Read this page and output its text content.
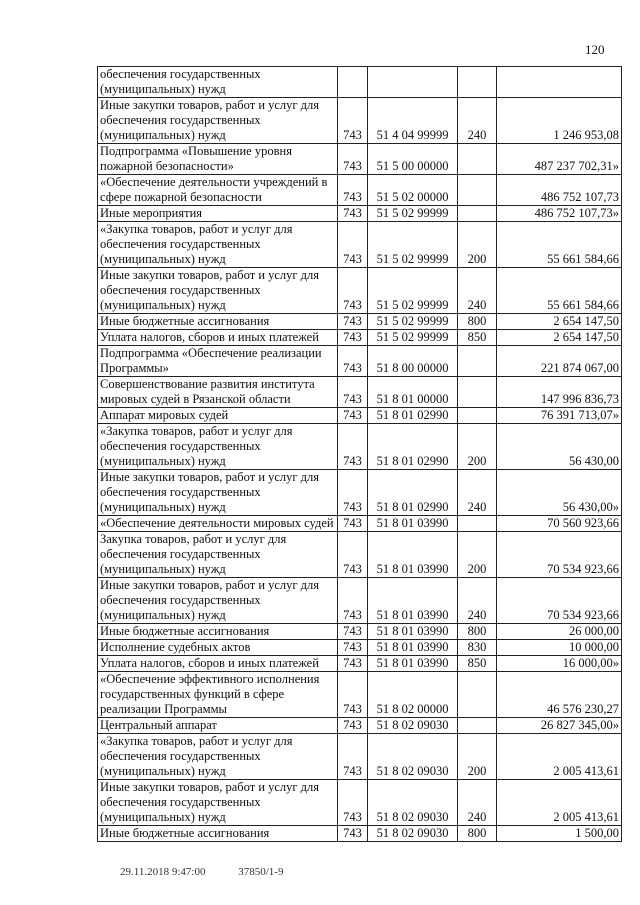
120
обеспечения государственных (муниципальных) нужд				
Иные закупки товаров, работ и услуг для обеспечения государственных (муниципальных) нужд	743	51 4 04 99999	240	1 246 953,08
Подпрограмма «Повышение уровня пожарной безопасности»	743	51 5 00 00000		487 237 702,31»
«Обеспечение деятельности учреждений в сфере пожарной безопасности	743	51 5 02 00000		486 752 107,73
Иные мероприятия	743	51 5 02 99999		486 752 107,73»
«Закупка товаров, работ и услуг для обеспечения государственных (муниципальных) нужд	743	51 5 02 99999	200	55 661 584,66
Иные закупки товаров, работ и услуг для обеспечения государственных (муниципальных) нужд	743	51 5 02 99999	240	55 661 584,66
Иные бюджетные ассигнования	743	51 5 02 99999	800	2 654 147,50
Уплата налогов, сборов и иных платежей	743	51 5 02 99999	850	2 654 147,50
Подпрограмма «Обеспечение реализации Программы»	743	51 8 00 00000		221 874 067,00
Совершенствование развития института мировых судей в Рязанской области	743	51 8 01 00000		147 996 836,73
Аппарат мировых судей	743	51 8 01 02990		76 391 713,07»
«Закупка товаров, работ и услуг для обеспечения государственных (муниципальных) нужд	743	51 8 01 02990	200	56 430,00
Иные закупки товаров, работ и услуг для обеспечения государственных (муниципальных) нужд	743	51 8 01 02990	240	56 430,00»
«Обеспечение деятельности мировых судей	743	51 8 01 03990		70 560 923,66
Закупка товаров, работ и услуг для обеспечения государственных (муниципальных) нужд	743	51 8 01 03990	200	70 534 923,66
Иные закупки товаров, работ и услуг для обеспечения государственных (муниципальных) нужд	743	51 8 01 03990	240	70 534 923,66
Иные бюджетные ассигнования	743	51 8 01 03990	800	26 000,00
Исполнение судебных актов	743	51 8 01 03990	830	10 000,00
Уплата налогов, сборов и иных платежей	743	51 8 01 03990	850	16 000,00»
«Обеспечение эффективного исполнения государственных функций в сфере реализации Программы	743	51 8 02 00000		46 576 230,27
Центральный аппарат	743	51 8 02 09030		26 827 345,00»
«Закупка товаров, работ и услуг для обеспечения государственных (муниципальных) нужд	743	51 8 02 09030	200	2 005 413,61
Иные закупки товаров, работ и услуг для обеспечения государственных (муниципальных) нужд	743	51 8 02 09030	240	2 005 413,61
Иные бюджетные ассигнования	743	51 8 02 09030	800	1 500,00
29.11.2018 9:47:00	37850/1-9
